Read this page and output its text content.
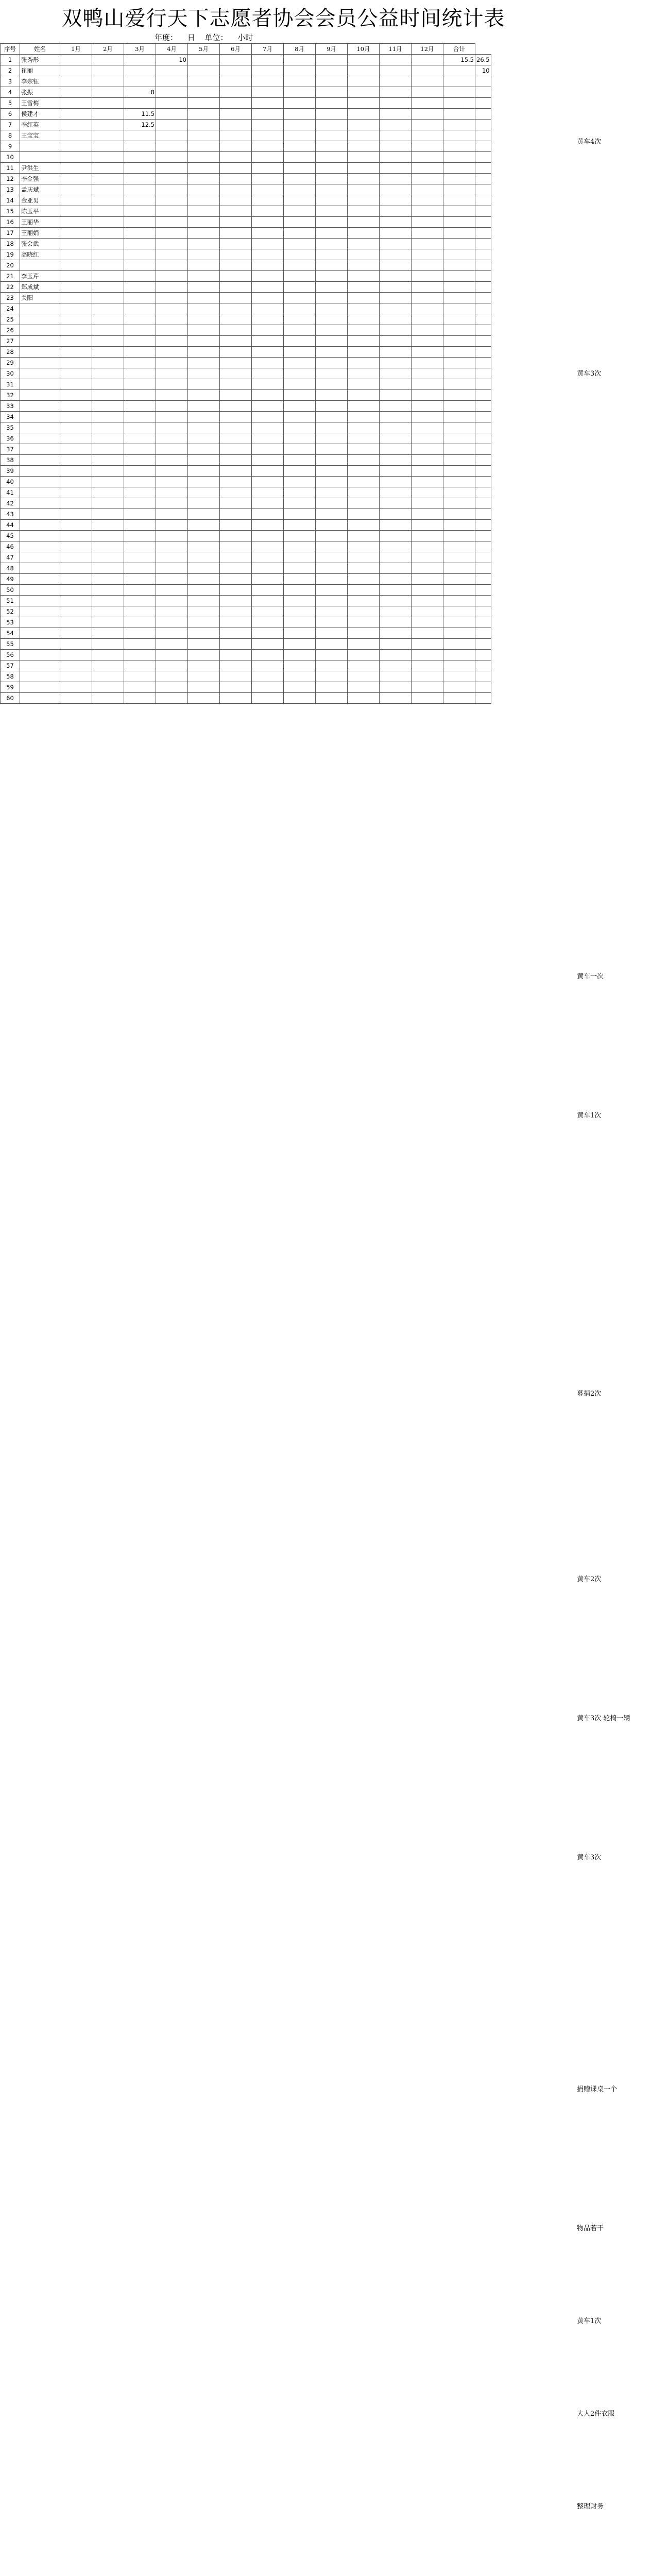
双鸭山爱行天下志愿者协会会员公益时间统计表
年度： 日 单位： 小时
序号	姓名	1月	2月	3月	4月	5月	6月	7月	8月	9月	10月	11月	12月	合计	
1	张秀彤				10									15.5	26.5
2	崔丽														10
3	李宗钰														
4	张振			8											
5	王雪梅														
6	侯建才			11.5											
7	李红英			12.5											
8	王宝宝														
9															
10															
11	尹洪生														
12	李金强														
13	孟庆斌														
14	金亚男														
15	陈玉平														
16	王丽华														
17	王丽娟														
18	张会武														
19	高晓红														
20															
21	李玉芹														
22	郑成斌														
23	关阳														
24															
25															
26															
27															
28															
29															
30															
31															
32															
33															
34															
35															
36															
37															
38															
39															
40															
41															
42															
43															
44															
45															
46															
47															
48															
49															
50															
51															
52															
53															
54															
55															
56															
57															
58															
59															
60															
黄车4次
黄车3次
黄车一次
黄车1次
募捐2次
黄车2次
黄车3次 轮椅一辆
黄车3次
捐赠课桌一个
物品若干
黄车1次
大人2件衣服
整理财务
